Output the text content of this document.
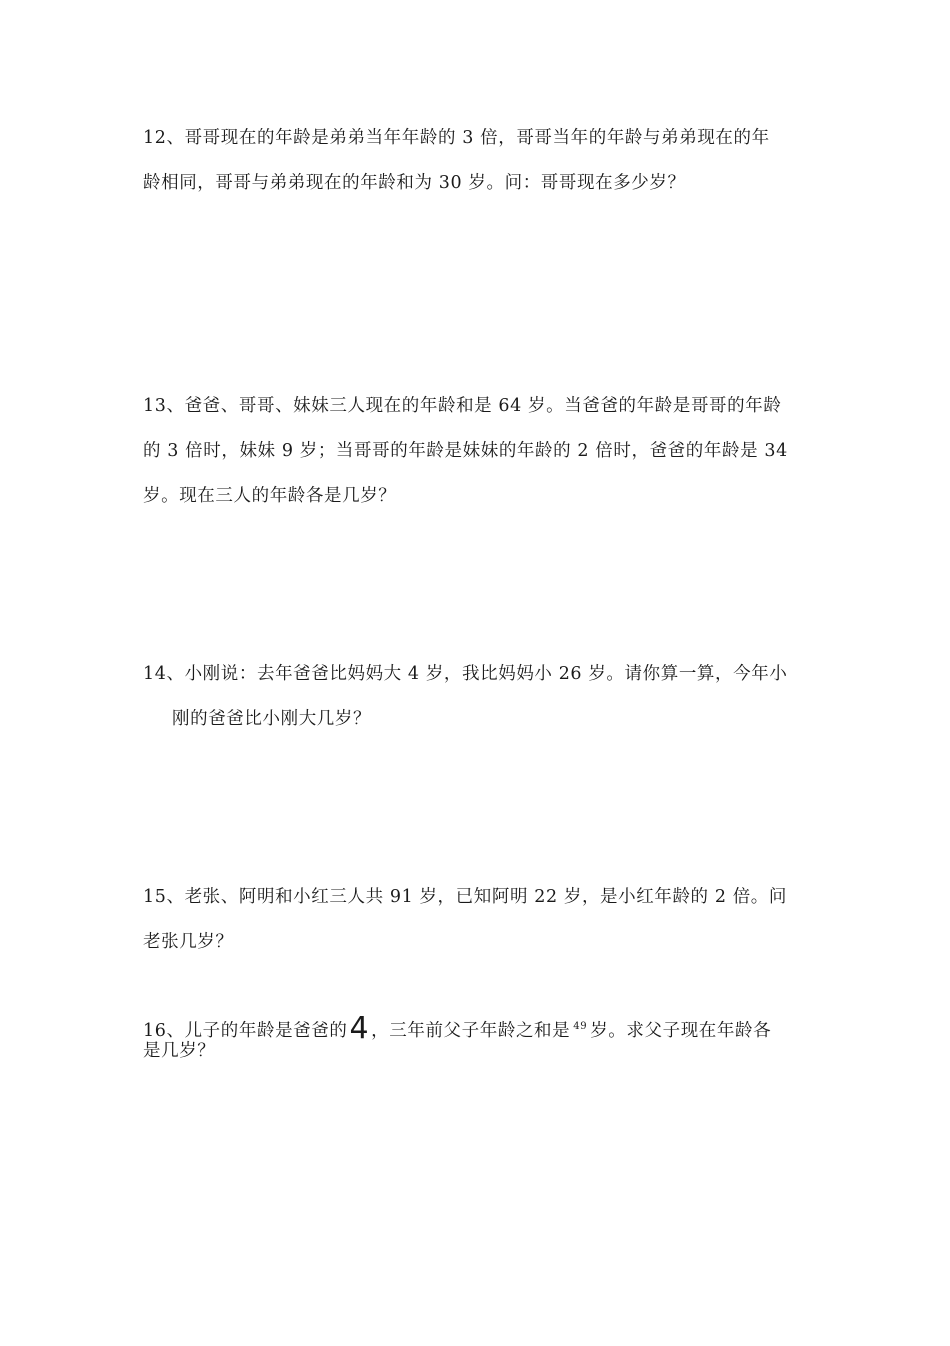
12、哥哥现在的年龄是弟弟当年年龄的 3 倍，哥哥当年的年龄与弟弟现在的年
龄相同，哥哥与弟弟现在的年龄和为 30 岁。问：哥哥现在多少岁？
13、爸爸、哥哥、妹妹三人现在的年龄和是 64 岁。当爸爸的年龄是哥哥的年龄
的 3 倍时，妹妹 9 岁；当哥哥的年龄是妹妹的年龄的 2 倍时，爸爸的年龄是 34
岁。现在三人的年龄各是几岁？
14、小刚说：去年爸爸比妈妈大 4 岁，我比妈妈小 26 岁。请你算一算，今年小
刚的爸爸比小刚大几岁？
15、老张、阿明和小红三人共 91 岁，已知阿明 22 岁，是小红年龄的 2 倍。问
老张几岁？
16、儿子的年龄是爸爸的4 ，三年前父子年龄之和是 $^{49}$ 岁。求父子现在年龄各
是几岁？
